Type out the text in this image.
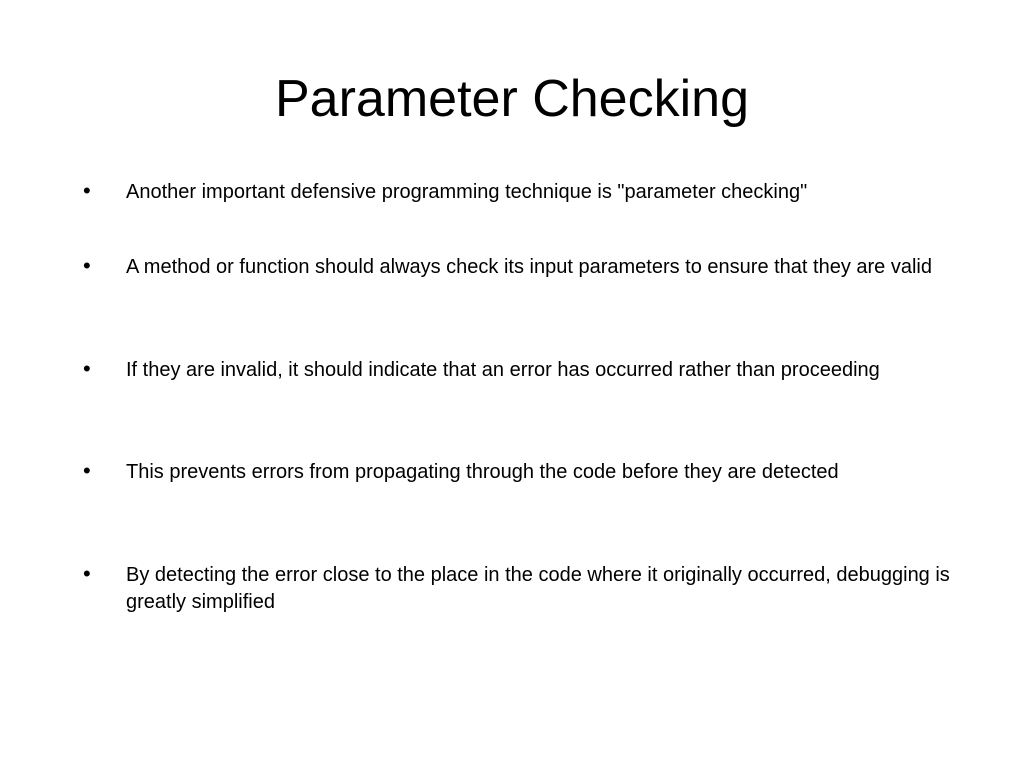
Parameter Checking
• Another important defensive programming technique is "parameter checking"
• A method or function should always check its input parameters to ensure that they are valid
• If they are invalid, it should indicate that an error has occurred rather than proceeding
• This prevents errors from propagating through the code before they are detected
• By detecting the error close to the place in the code where it originally occurred, debugging is greatly simplified
